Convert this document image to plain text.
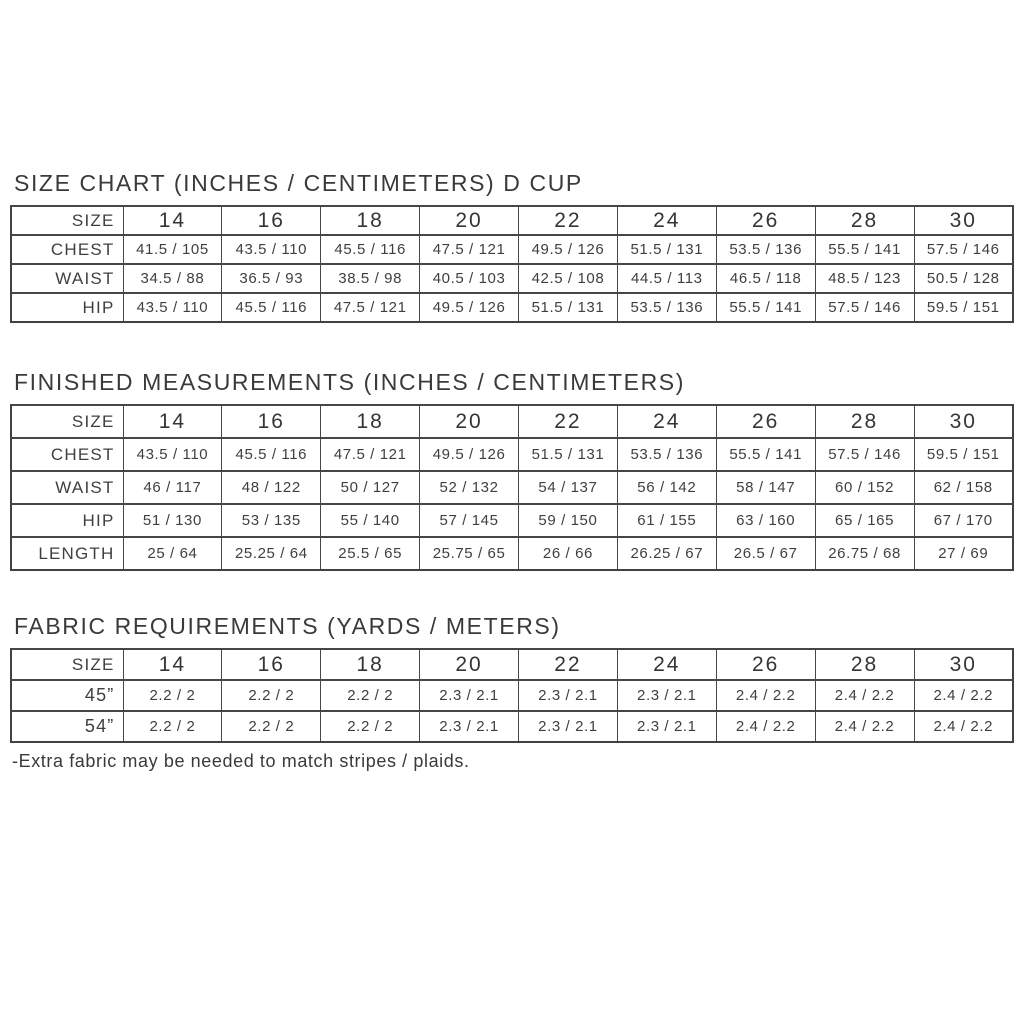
SIZE CHART (INCHES / CENTIMETERS) D CUP
SIZE	14	16	18	20	22	24	26	28	30
CHEST	41.5 / 105	43.5 / 110	45.5 / 116	47.5 / 121	49.5 / 126	51.5 / 131	53.5 / 136	55.5 / 141	57.5 / 146
WAIST	34.5 / 88	36.5 / 93	38.5 / 98	40.5 / 103	42.5 / 108	44.5 / 113	46.5 / 118	48.5 / 123	50.5 / 128
HIP	43.5 / 110	45.5 / 116	47.5 / 121	49.5 / 126	51.5 / 131	53.5 / 136	55.5 / 141	57.5 / 146	59.5 / 151
FINISHED MEASUREMENTS (INCHES / CENTIMETERS)
SIZE	14	16	18	20	22	24	26	28	30
CHEST	43.5 / 110	45.5 / 116	47.5 / 121	49.5 / 126	51.5 / 131	53.5 / 136	55.5 / 141	57.5 / 146	59.5 / 151
WAIST	46 / 117	48 / 122	50 / 127	52 / 132	54 / 137	56 / 142	58 / 147	60 / 152	62 / 158
HIP	51 / 130	53 / 135	55 / 140	57 / 145	59 / 150	61 / 155	63 / 160	65 / 165	67 / 170
LENGTH	25 / 64	25.25 / 64	25.5 / 65	25.75 / 65	26 / 66	26.25 / 67	26.5 / 67	26.75 / 68	27 / 69
FABRIC REQUIREMENTS (YARDS / METERS)
SIZE	14	16	18	20	22	24	26	28	30
45”	2.2 / 2	2.2 / 2	2.2 / 2	2.3 / 2.1	2.3 / 2.1	2.3 / 2.1	2.4 / 2.2	2.4 / 2.2	2.4 / 2.2
54”	2.2 / 2	2.2 / 2	2.2 / 2	2.3 / 2.1	2.3 / 2.1	2.3 / 2.1	2.4 / 2.2	2.4 / 2.2	2.4 / 2.2

-Extra fabric may be needed to match stripes / plaids.
